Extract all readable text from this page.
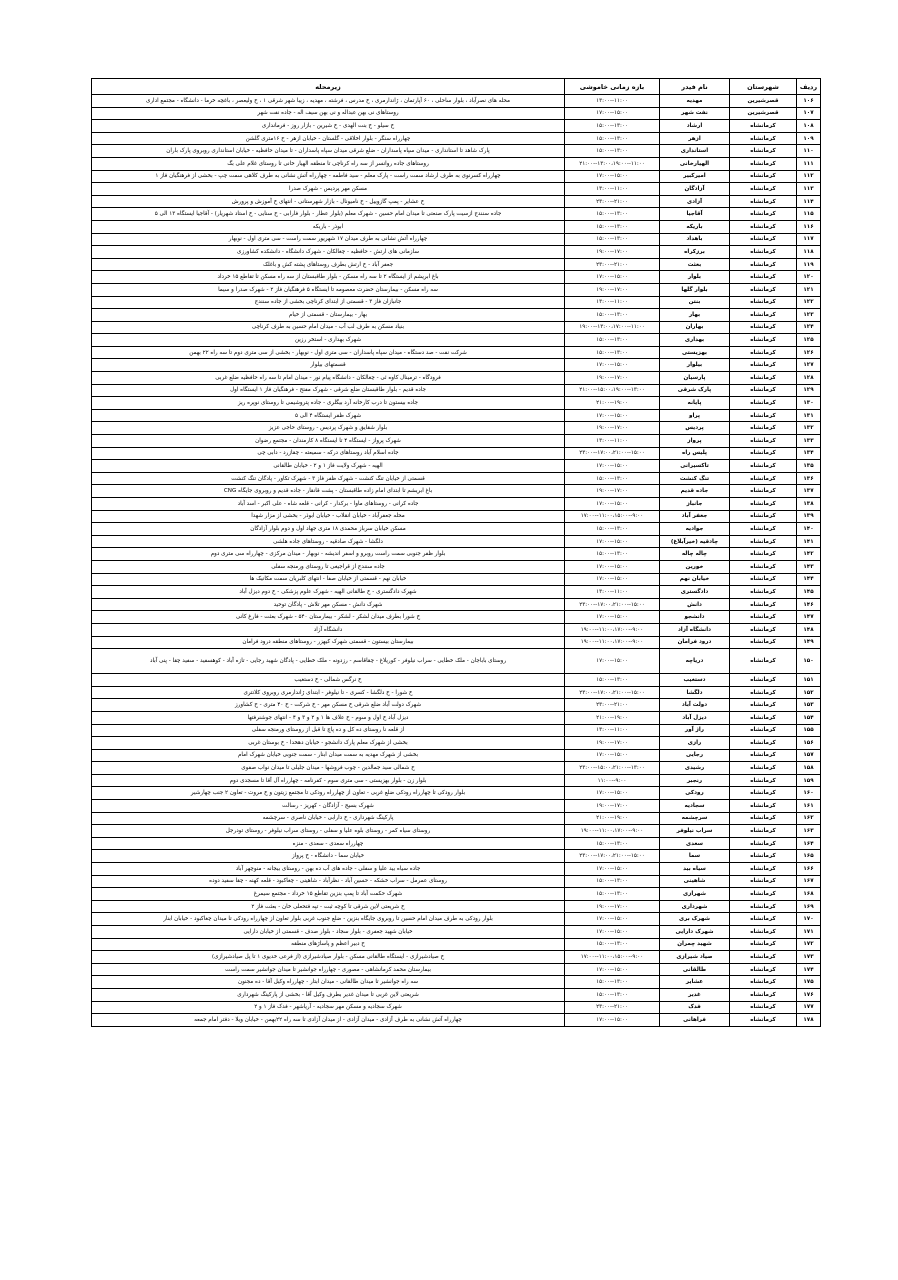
ردیف	شهرستان	نام فیدر	بازه زمانی خاموشی	زیرمحله
۱۰۶	قصرشیرین	مهدیه	۱۱:۰۰--۱۳:۰۰	محله های نصرآباد ، بلوار ساحلی ، ۶۰ آپارتمان ، ژاندارمری ، خ مدرس ، فرشته ، مهدیه ، زیبا شهر شرقی ۱ ، خ ولیعصر ، باغچه خرما - دانشگاه - مجتمع اداری
۱۰۷	قصرشیرین	نفت شهر	۱۵:۰۰--۱۷:۰۰	روستاهای نی بهن عبداله و نی بهن سیف اله - جاده نفت شهر
۱۰۸	کرمانشاه	ارشاد	۱۳:۰۰--۱۵:۰۰	خ سیلو - خ بنت الهدی - خ شیرین - بازار روز - فرمانداری
۱۰۹	کرمانشاه	ازهر	۱۳:۰۰--۱۵:۰۰	چهارراه سنگر - بلوار اخلاقی - گلستان - خیابان ازهر - خ ۱۶متری گلشن
۱۱۰	کرمانشاه	استانداری	۱۳:۰۰--۱۵:۰۰	پارک شاهد تا استانداری - میدان سپاه پاسداران - ضلع شرقی میدان سپاه پاسداران - تا میدان حافظیه - خیابان استانداری روبروی پارک باران
۱۱۱	کرمانشاه	الهیارخانی	۱۱:۰۰--۱۳:۰۰،۱۹:۰۰--۲۱:۰۰	روستاهای جاده روانسر از سه راه کرناچی تا منطقه الهیار خانی تا روستای غلام علی بگ
۱۱۲	کرمانشاه	امیرکبیر	۱۵:۰۰--۱۷:۰۰	چهارراه کسرنوی به طرف ارشاد سمت راست - پارک معلم - سید فاطمه - چهارراه آتش نشانی به طرف کلاهی سمت چپ - بخشی از فرهنگیان فاز ۱
۱۱۳	کرمانشاه	آزادگان	۱۱:۰۰--۱۳:۰۰	مسکن مهر پردیس - شهرک صدرا
۱۱۴	کرمانشاه	آزادی	۲۱:۰۰--۲۳:۰۰	خ عشایر - پمپ گازوییل - خ نامیونال - بازار شهرستانی - انتهای خ آموزش و پرورش
۱۱۵	کرمانشاه	آقاجیا	۱۳:۰۰--۱۵:۰۰	جاده سنندج ازسیت پارک صنعتی تا میدان امام حسین - شهرک معلم (بلوار عطار - بلوار فارابی - خ سنایی - خ استاد شهریار) - آقاجیا ایستگاه ۱۳ الی ۵
۱۱۶	کرمانشاه	باریکه	۱۳:۰۰--۱۵:۰۰	ابوذر - باریکه
۱۱۷	کرمانشاه	باهداد	۱۳:۰۰--۱۵:۰۰	چهارراه آتش نشانی به طرف میدان ۱۷ شهریور سمت راست - سی متری اول - نوبهار
۱۱۸	کرمانشاه	برزکراه	۱۷:۰۰--۱۹:۰۰	سازمانی های ارتش - حافظیه - چغالکان - شهرک دانشگاه - دانشکده کشاورزی
۱۱۹	کرمانشاه	بعثت	۲۱:۰۰--۲۳:۰۰	جعفر آباد - خ ارتش بطرف روستاهای پشته کش و باغلک
۱۲۰	کرمانشاه	بلوار	۱۵:۰۰--۱۷:۰۰	باغ ابریشم از ایستگاه ۲ تا سه راه مسکن - بلوار طاقبستان از سه راه مسکن تا تقاطع ۱۵ خرداد
۱۲۱	کرمانشاه	بلوار گلها	۱۷:۰۰--۱۹:۰۰	سه راه مسکن - بیمارستان حضرت معصومه تا ایستگاه ۵ فرهنگیان فاز ۲ - شهرک صدرا و سیما
۱۲۲	کرمانشاه	بنتن	۱۱:۰۰--۱۳:۰۰	جانبازان فاز ۳ - قسمتی از ابتدای کرناچی بخشی از جاده سنندج
۱۲۳	کرمانشاه	بهار	۱۳:۰۰--۱۵:۰۰	بهار - بیمارستان - قسمتی از خیام
۱۲۴	کرمانشاه	بهاران	۱۱:۰۰--۱۳:۰۰،۱۷:۰۰--۱۹:۰۰	بنیاد مسکن به طرف لب آب - میدان امام حسین به طرف کرناچی
۱۲۵	کرمانشاه	بهداری	۱۳:۰۰--۱۵:۰۰	شهرک بهداری - استخر رزین
۱۲۶	کرمانشاه	بهزیستی	۱۳:۰۰--۱۵:۰۰	شرکت نفت - صد دستگاه - میدان سپاه پاسداران - سی متری اول - نوبهار - بخشی از سی متری دوم تا سه راه ۲۲ بهمن
۱۲۷	کرمانشاه	بیلوار	۱۵:۰۰--۱۷:۰۰	قسمتهای بیلوار
۱۲۸	کرمانشاه	پارسیان	۱۷:۰۰--۱۹:۰۰	فرودگاه - ترمینال کاوه ئی - چغالکان - دانشگاه پیام نور - میدان امام تا سه راه حافظیه ضلع غربی
۱۲۹	کرمانشاه	پارک شرقی	۱۳:۰۰--۱۵:۰۰،۱۹:۰۰--۲۱:۰۰	جاده قدیم - بلوار طاقبستان ضلع شرقی - شهرک مفتح - فرهنگیان فاز ۱ ایستگاه اول
۱۳۰	کرمانشاه	پایانه	۱۹:۰۰--۲۱:۰۰	جاده بیستون تا درب کارخانه آرد بیگلری - جاده پتروشیمی تا روستای نوپره ریز
۱۳۱	کرمانشاه	پراو	۱۵:۰۰--۱۷:۰۰	شهرک ظفر ایستگاه ۴ الی ۵
۱۳۲	کرمانشاه	پردیس	۱۷:۰۰--۱۹:۰۰	بلوار شقایق و شهرک پردیس - روستای حاجی عزیز
۱۳۳	کرمانشاه	پرواز	۱۱:۰۰--۱۳:۰۰	شهرک پرواز - ایستگاه ۴ تا ایستگاه ۸ کارمندان - مجتمع رضوان
۱۳۴	کرمانشاه	پلیس راه	۱۵:۰۰--۱۷:۰۰،۲۱:۰۰--۲۳:۰۰	جاده اسلام آباد روستاهای درکه - سمیعته - چقازرد - دابی چی
۱۳۵	کرمانشاه	تاکسیرانی	۱۵:۰۰--۱۷:۰۰	الهیه - شهرک ولایت فاز ۱ و ۲ - خیابان طالقانی
۱۳۶	کرمانشاه	تنگ کنشت	۱۳:۰۰--۱۵:۰۰	قسمتی از خیابان تنگ کنشت - شهرک ظفر فاز ۳ - شهرک تکاور - پادگان تنگ کنشت
۱۳۷	کرمانشاه	جاده قدیم	۱۷:۰۰--۱۹:۰۰	باغ ابریشم تا ابتدای امام زاده طاقبستان - پشت قانقار - جاده قدیم و روبروی جایگاه CNG
۱۳۸	کرمانشاه	جانباز	۱۵:۰۰--۱۷:۰۰	جاده کرانی - روستاهای ماوا - برکدار - کرانی - قلعه شاه - علی اکبر - اسد آباد
۱۳۹	کرمانشاه	جعفر آباد	۹:۰۰--۱۱:۰۰،۱۵:۰۰--۱۷:۰۰	محله جعفرآباد - خیابان انقلاب - خیابان ابوذر - بخشی از مزار شهدا
۱۴۰	کرمانشاه	جوادیه	۱۳:۰۰--۱۵:۰۰	مسکن خیابان سرباز محمدی ۱۸ متری جهاد اول و دوم بلوار آزادگان
۱۴۱	کرمانشاه	چادقیه (خیرآبلاغ)	۱۵:۰۰--۱۷:۰۰	دلگشا - شهرک صادقیه - روستاهای جاده هلشی
۱۴۲	کرمانشاه	چاله چاله	۱۳:۰۰--۱۵:۰۰	بلوار ظفر جنوبی سمت راست روبرو و اسفر اندیشه - نوبهار - میدان مرکزی - چهارراه سی متری دوم
۱۴۳	کرمانشاه	خورین	۱۵:۰۰--۱۷:۰۰	جاده سنندج از قراجیغی تا روستای ورمنجه سفلی
۱۴۴	کرمانشاه	خیابان نهم	۱۵:۰۰--۱۷:۰۰	خیابان نهم - قسمتی از خیابان صفا - انتهای کلبریان سمت مکانیک ها
۱۴۵	کرمانشاه	دادگستری	۱۱:۰۰--۱۳:۰۰	شهرک دادگستری - خ طالقانی الهیه - شهرک علوم پزشکی - خ دوم دیزل آباد
۱۴۶	کرمانشاه	دانش	۱۵:۰۰--۱۷:۰۰،۲۱:۰۰--۲۳:۰۰	شهرک دانش - مسکن مهر تلاش - پادگان توحید
۱۴۷	کرمانشاه	دانشجو	۱۵:۰۰--۱۷:۰۰	خ شورا بطرف میدان لشکر - لشکر - بیمارستان ۵۴۰ - شهرک بعثت - فارغ کانی
۱۴۸	کرمانشاه	دانشگاه آزاد	۹:۰۰--۱۱:۰۰،۱۷:۰۰--۱۹:۰۰	دانشگاه آزاد
۱۴۹	کرمانشاه	درود فرامان	۹:۰۰--۱۱:۰۰،۱۷:۰۰--۱۹:۰۰	بیمارستان بیستون - قسمتی شهرک کیهزر - روستاهای منطقه درود فرامان
۱۵۰	کرمانشاه	دریاچه	۱۵:۰۰--۱۷:۰۰	روستای باباجان - ملک خطایی - سراب نیلوفر - کوریلاغ - چقاقاسم - رزدونه - ملک خطایی - پادگان شهید رجایی - تازه آباد - کوهسفید - سفید چقا - پنی آباد
۱۵۱	کرمانشاه	دستغیب	۱۳:۰۰--۱۵:۰۰	خ نرگس شمالی - خ دستغیب
۱۵۲	کرمانشاه	دلگشا	۱۵:۰۰--۱۷:۰۰،۲۱:۰۰--۲۳:۰۰	خ شورا - خ دلگشا - کسری - تا نیلوفر - ابتدای ژاندارمری روبروی کلانتری
۱۵۳	کرمانشاه	دولت آباد	۲۱:۰۰--۲۳:۰۰	شهرک دولت آباد ضلع شرقی خ مسکن مهر - خ شرکت - خ ۴۰ متری - خ کشاورز
۱۵۴	کرمانشاه	دیزل آباد	۱۹:۰۰--۲۱:۰۰	دیزل آباد خ اول و سوم - خ علاف ها ۱ و ۲ و ۳ و ۴ - انتهای جوشنرفتها
۱۵۵	کرمانشاه	راژ آور	۱۱:۰۰--۱۳:۰۰	از قلعه نا روستای ده کل و ده پاچ تا قبل از روستای ورمنجه سفلی
۱۵۶	کرمانشاه	رازی	۱۷:۰۰--۱۹:۰۰	بخشی از شهرک معلم پارک دانشجو - خیابان دهخدا - خ بوستان غربی
۱۵۷	کرمانشاه	رجایی	۱۵:۰۰--۱۷:۰۰	بخشی از شهرک مهدیه به سمت میدان ابنار - سمت جنوبی خیابان شهرک امام
۱۵۸	کرمانشاه	رشیدی	۱۳:۰۰--۱۵:۰۰،۲۱:۰۰--۲۳:۰۰	خ شمالی سید جمالدین - چوب فروشها - میدان جلیلی تا میدان نواب صفوی
۱۵۹	کرمانشاه	رنجبر	۹:۰۰--۱۱:۰۰	بلوار زن - بلوار بهزیستی - سی متری سوم - کفرنامه - چهارراه آل آقا تا مسجدی دوم
۱۶۰	کرمانشاه	رودکی	۱۵:۰۰--۱۷:۰۰	بلوار رودکی تا چهارراه رودکی ضلع غربی - تعاون از چهارراه رودکی تا مجتمع زیتون و خ مروت - تعاون ۲ جنب چهارشیر
۱۶۱	کرمانشاه	سجادیه	۱۷:۰۰--۱۹:۰۰	شهرک بسیج - آزادگان - کهریز - رسالت
۱۶۲	کرمانشاه	سرچشمه	۱۹:۰۰--۲۱:۰۰	پارکینگ شهرداری - خ دارابی - خیابان ناصری - سرچشمه
۱۶۳	کرمانشاه	سراب نیلوفر	۹:۰۰--۱۱:۰۰،۱۷:۰۰--۱۹:۰۰	روستای سیاه کمر - روستای بلوه علیا و سفلی - روستای سراب نیلوفر - روستای تودرجل
۱۶۴	کرمانشاه	سعدی	۱۳:۰۰--۱۵:۰۰	چهارراه سعدی - سعدی - منزه
۱۶۵	کرمانشاه	سما	۱۵:۰۰--۱۷:۰۰،۲۱:۰۰--۲۳:۰۰	خیابان سما - دانشگاه - خ پرواز
۱۶۶	کرمانشاه	سیاه بید	۱۵:۰۰--۱۷:۰۰	جاده سیاه بید علیا و سفلی - جاده های آب ده بهن - روستای بیجانه - منوچهر آباد
۱۶۷	کرمانشاه	شاهینی	۱۳:۰۰--۱۵:۰۰	روستای عمرمل - سراب خشکه - حسین آباد - نظرآباد - شاهینی - چغاکبود - قلعه کهنه - چقا سفید دوده
۱۶۸	کرمانشاه	شهرازی	۱۳:۰۰--۱۵:۰۰	شهرک حکمت آباد تا پمپ بنزین تقاطع ۱۵ خرداد - مجتمع سیمرغ
۱۶۹	کرمانشاه	شهرداری	۱۷:۰۰--۱۹:۰۰	خ شریعتی لاین شرقی تا کوچه ثبت - تپه فتحعلی خان - بعثت فاز ۲
۱۷۰	کرمانشاه	شهرک بری	۱۵:۰۰--۱۷:۰۰	بلوار رودکی به طرف میدان امام حسین تا روبروی جایگاه بنزین - ضلع جنوب غربی بلوار تعاون از چهارراه رودکی تا میدان چغاکبود - خیابان ابنار
۱۷۱	کرمانشاه	شهرک دارایی	۱۵:۰۰--۱۷:۰۰	خیابان شهید جعفری - بلوار سجاد - بلوار صدف - قسمتی از خیابان دارایی
۱۷۲	کرمانشاه	شهید چمران	۱۳:۰۰--۱۵:۰۰	خ دبیر اعظم و پاساژهای منطقه
۱۷۳	کرمانشاه	صیاد شیرازی	۹:۰۰--۱۱:۰۰،۱۵:۰۰--۱۷:۰۰	خ صیادشیرازی - ایستگاه طالقانی مسکن - بلوار صیادشیرازی (از فرعی خدیوی ۱ تا پل صیادشیرازی)
۱۷۴	کرمانشاه	طالقانی	۱۵:۰۰--۱۷:۰۰	بیمارستان محمد کرمانشاهی - مصوری - چهارراه جوانشیر تا میدان جوانشیر سمت راست
۱۷۵	کرمانشاه	عشایر	۱۳:۰۰--۱۵:۰۰	سه راه جوانشیر تا میدان طالقانی - میدان ابتار - چهارراه وکیل آقا - ده مجنون
۱۷۶	کرمانشاه	غدیر	۱۳:۰۰--۱۵:۰۰	شریعتی لاین غربی تا میدان غدیر بطرف وکیل آقا - بخشی از پارکینگ شهرداری
۱۷۷	کرمانشاه	فدک	۲۱:۰۰--۲۳:۰۰	شهرک سجادیه و مسکن مهر سجادیه - آریاشهر - فدک فاز ۱ و ۲
۱۷۸	کرمانشاه	فراهانی	۱۵:۰۰--۱۷:۰۰	چهارراه آتش نشانی به طرف آزادی - میدان آزادی - از میدان آزادی تا سه راه ۲۲بهمن - خیابان ویلا - دفتر امام جمعه
